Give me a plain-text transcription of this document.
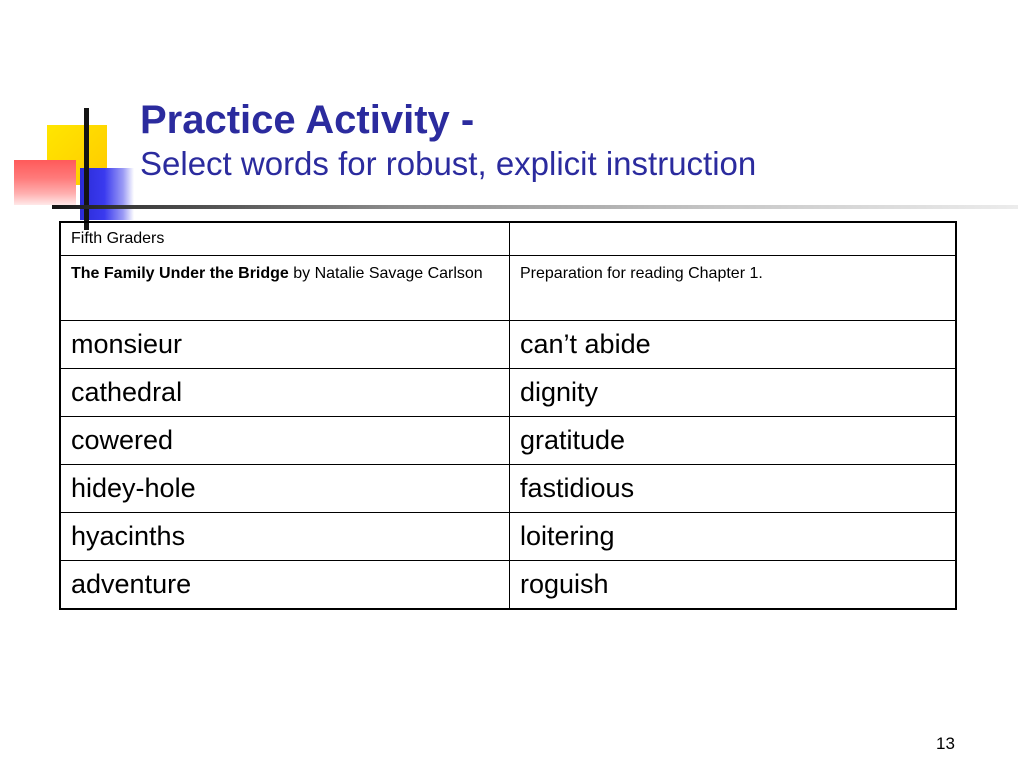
Practice Activity -
Select words for robust, explicit instruction
Fifth Graders	
The Family Under the Bridge by Natalie Savage Carlson	Preparation for reading Chapter 1.
monsieur	can’t abide
cathedral	dignity
cowered	gratitude
hidey-hole	fastidious
hyacinths	loitering
adventure	roguish
13
